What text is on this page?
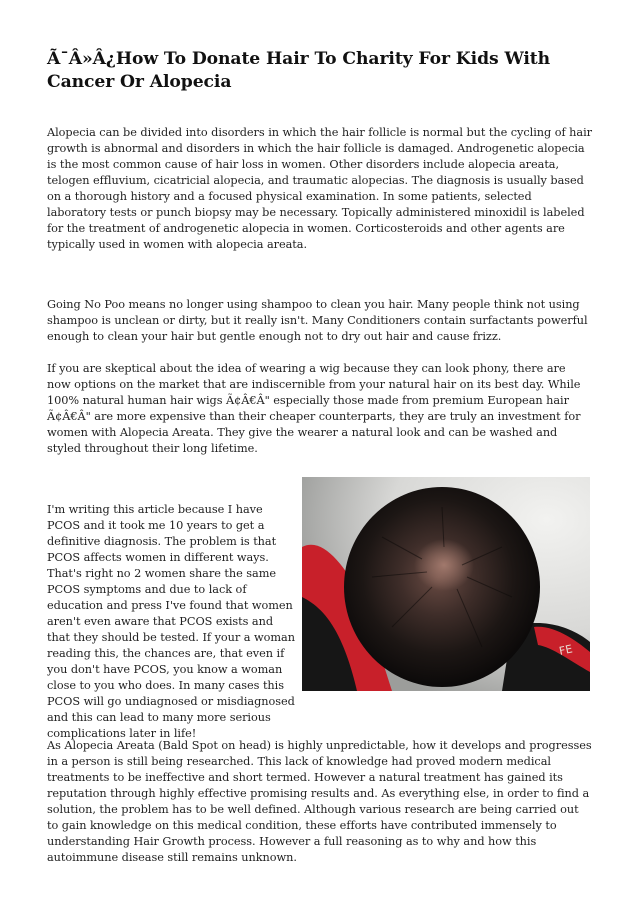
Ã¯Â»Â¿How To Donate Hair To Charity For Kids With Cancer Or Alopecia

Alopecia can be divided into disorders in which the hair follicle is normal but the cycling of hair growth is abnormal and disorders in which the hair follicle is damaged. Androgenetic alopecia is the most common cause of hair loss in women. Other disorders include alopecia areata, telogen effluvium, cicatricial alopecia, and traumatic alopecias. The diagnosis is usually based on a thorough history and a focused physical examination. In some patients, selected laboratory tests or punch biopsy may be necessary. Topically administered minoxidil is labeled for the treatment of androgenetic alopecia in women. Corticosteroids and other agents are typically used in women with alopecia areata.

Going No Poo means no longer using shampoo to clean you hair. Many people think not using shampoo is unclean or dirty, but it really isn't. Many Conditioners contain surfactants powerful enough to clean your hair but gentle enough not to dry out hair and cause frizz.

If you are skeptical about the idea of wearing a wig because they can look phony, there are now options on the market that are indiscernible from your natural hair on its best day. While 100% natural human hair wigs Ã¢Â€Â" especially those made from premium European hair Ã¢Â€Â" are more expensive than their cheaper counterparts, they are truly an investment for women with Alopecia Areata. They give the wearer a natural look and can be washed and styled throughout their long lifetime.

I'm writing this article because I have PCOS and it took me 10 years to get a definitive diagnosis. The problem is that PCOS affects women in different ways. That's right no 2 women share the same PCOS symptoms and due to lack of education and press I've found that women aren't even aware that PCOS exists and that they should be tested. If your a woman reading this, the chances are, that even if you don't have PCOS, you know a woman close to you who does. In many cases this PCOS will go undiagnosed or misdiagnosed and this can lead to many more serious complications later in life!

As Alopecia Areata (Bald Spot on head) is highly unpredictable, how it develops and progresses in a person is still being researched. This lack of knowledge had proved modern medical treatments to be ineffective and short termed. However a natural treatment has gained its reputation through highly effective promising results and. As everything else, in order to find a solution, the problem has to be well defined. Although various research are being carried out to gain knowledge on this medical condition, these efforts have contributed immensely to understanding Hair Growth process. However a full reasoning as to why and how this autoimmune disease still remains unknown.

FE
